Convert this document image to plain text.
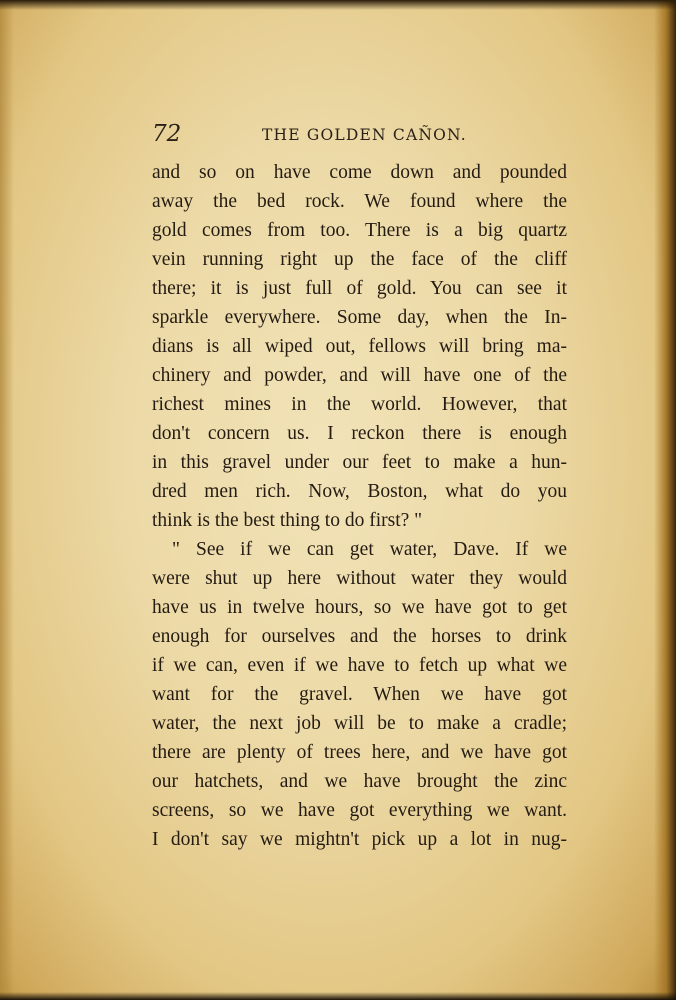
72	THE GOLDEN CAÑON.
and so on have come down and pounded
away the bed rock. We found where the
gold comes from too. There is a big quartz
vein running right up the face of the cliff
there; it is just full of gold. You can see it
sparkle everywhere. Some day, when the In-
dians is all wiped out, fellows will bring ma-
chinery and powder, and will have one of the
richest mines in the world. However, that
don't concern us. I reckon there is enough
in this gravel under our feet to make a hun-
dred men rich. Now, Boston, what do you
think is the best thing to do first? "
" See if we can get water, Dave. If we
were shut up here without water they would
have us in twelve hours, so we have got to get
enough for ourselves and the horses to drink
if we can, even if we have to fetch up what we
want for the gravel. When we have got
water, the next job will be to make a cradle;
there are plenty of trees here, and we have got
our hatchets, and we have brought the zinc
screens, so we have got everything we want.
I don't say we mightn't pick up a lot in nug-
